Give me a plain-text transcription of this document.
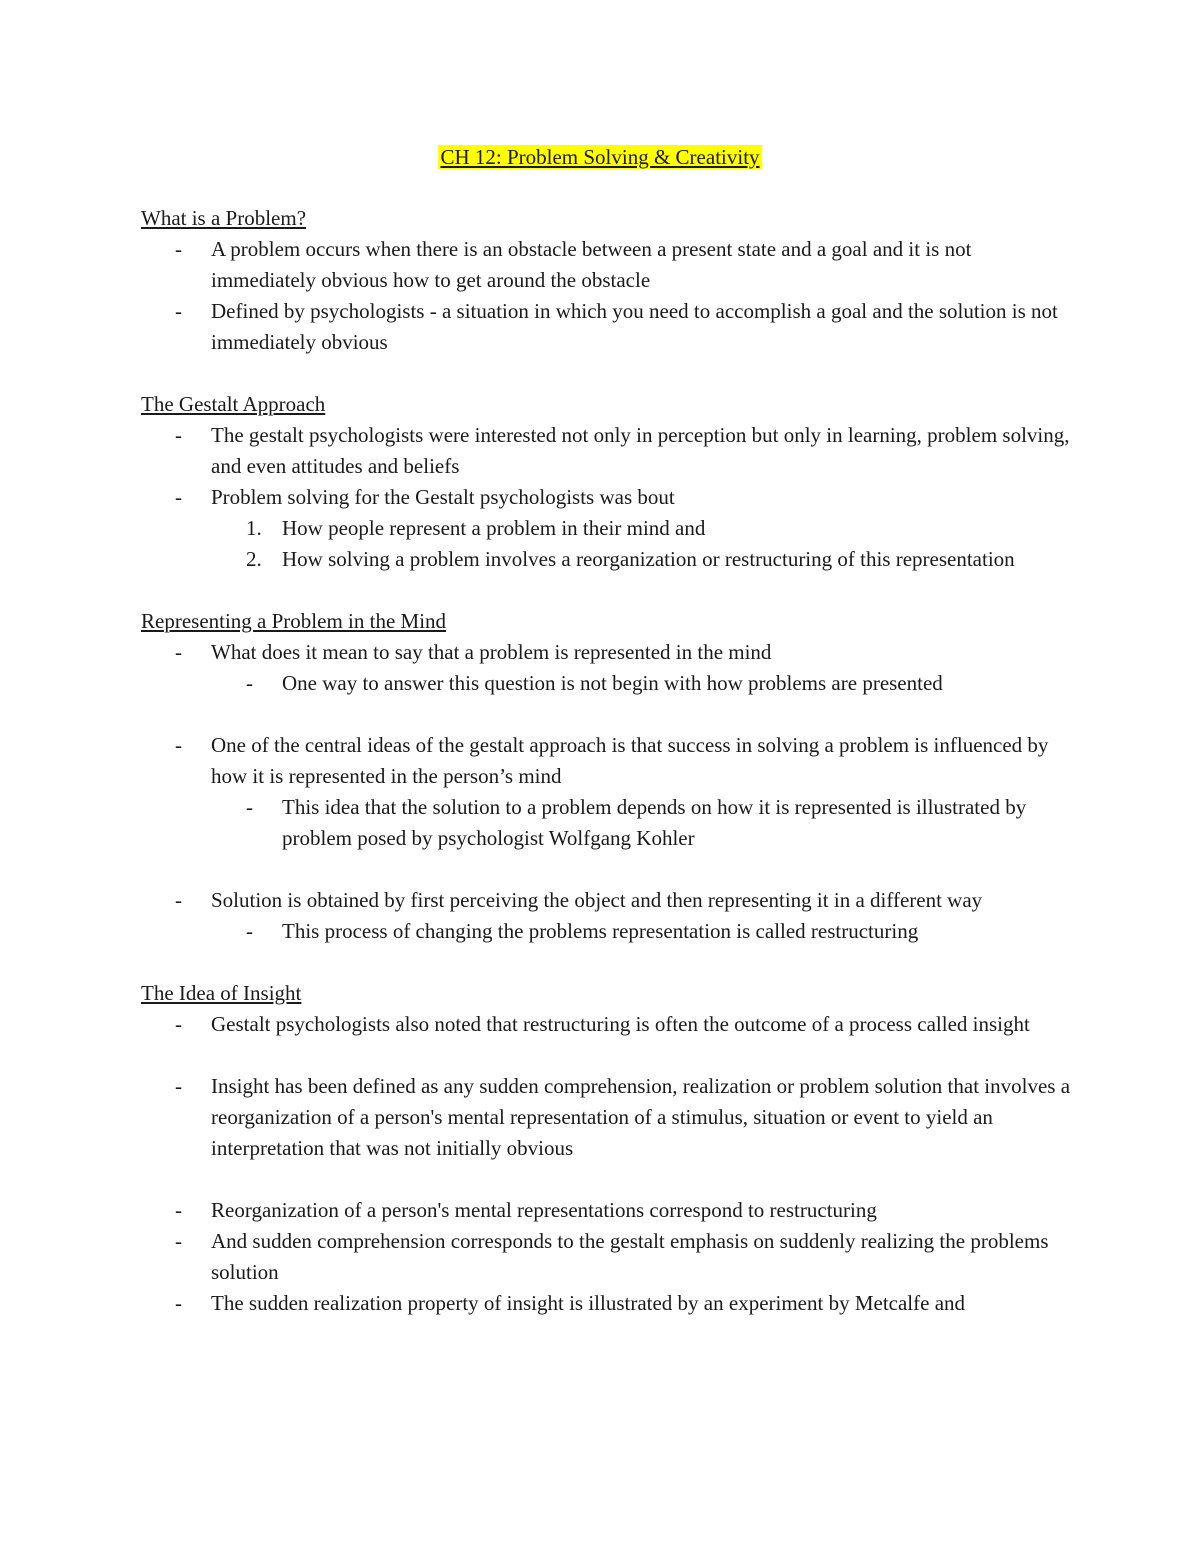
CH 12: Problem Solving & Creativity

What is a Problem?

- A problem occurs when there is an obstacle between a present state and a goal and it is not immediately obvious how to get around the obstacle
- Defined by psychologists - a situation in which you need to accomplish a goal and the solution is not immediately obvious

The Gestalt Approach

- The gestalt psychologists were interested not only in perception but only in learning, problem solving, and even attitudes and beliefs
- Problem solving for the Gestalt psychologists was bout
1. How people represent a problem in their mind and
2. How solving a problem involves a reorganization or restructuring of this representation

Representing a Problem in the Mind

- What does it mean to say that a problem is represented in the mind
- One way to answer this question is not begin with how problems are presented
- One of the central ideas of the gestalt approach is that success in solving a problem is influenced by how it is represented in the person’s mind
- This idea that the solution to a problem depends on how it is represented is illustrated by problem posed by psychologist Wolfgang Kohler
- Solution is obtained by first perceiving the object and then representing it in a different way
- This process of changing the problems representation is called restructuring

The Idea of Insight

- Gestalt psychologists also noted that restructuring is often the outcome of a process called insight
- Insight has been defined as any sudden comprehension, realization or problem solution that involves a reorganization of a person's mental representation of a stimulus, situation or event to yield an interpretation that was not initially obvious
- Reorganization of a person's mental representations correspond to restructuring
- And sudden comprehension corresponds to the gestalt emphasis on suddenly realizing the problems solution
- The sudden realization property of insight is illustrated by an experiment by Metcalfe and
